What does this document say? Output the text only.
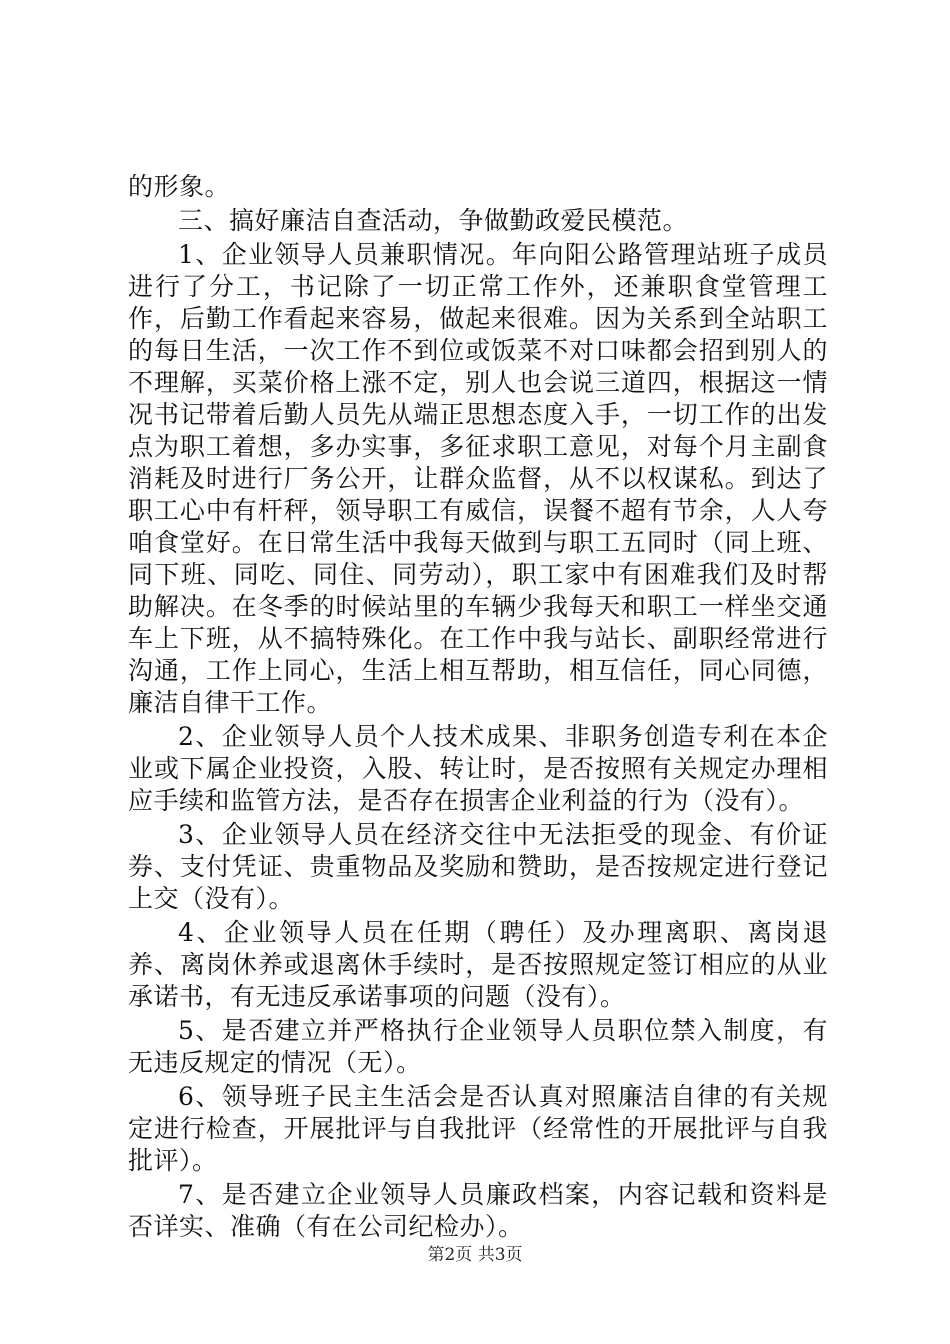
的形象。

三、搞好廉洁自查活动，争做勤政爱民模范。

1、企业领导人员兼职情况。年向阳公路管理站班子成员进行了分工，书记除了一切正常工作外，还兼职食堂管理工作，后勤工作看起来容易，做起来很难。因为关系到全站职工的每日生活，一次工作不到位或饭菜不对口味都会招到别人的不理解，买菜价格上涨不定，别人也会说三道四，根据这一情况书记带着后勤人员先从端正思想态度入手，一切工作的出发点为职工着想，多办实事，多征求职工意见，对每个月主副食消耗及时进行厂务公开，让群众监督，从不以权谋私。到达了职工心中有杆秤，领导职工有威信，误餐不超有节余，人人夸咱食堂好。在日常生活中我每天做到与职工五同时（同上班、同下班、同吃、同住、同劳动），职工家中有困难我们及时帮助解决。在冬季的时候站里的车辆少我每天和职工一样坐交通车上下班，从不搞特殊化。在工作中我与站长、副职经常进行沟通，工作上同心，生活上相互帮助，相互信任，同心同德，廉洁自律干工作。

2、企业领导人员个人技术成果、非职务创造专利在本企业或下属企业投资，入股、转让时，是否按照有关规定办理相应手续和监管方法，是否存在损害企业利益的行为（没有）。

3、企业领导人员在经济交往中无法拒受的现金、有价证券、支付凭证、贵重物品及奖励和赞助，是否按规定进行登记上交（没有）。

4、企业领导人员在任期（聘任）及办理离职、离岗退养、离岗休养或退离休手续时，是否按照规定签订相应的从业承诺书，有无违反承诺事项的问题（没有）。

5、是否建立并严格执行企业领导人员职位禁入制度，有无违反规定的情况（无）。

6、领导班子民主生活会是否认真对照廉洁自律的有关规定进行检查，开展批评与自我批评（经常性的开展批评与自我批评）。

7、是否建立企业领导人员廉政档案，内容记载和资料是否详实、准确（有在公司纪检办）。

第2页 共3页
